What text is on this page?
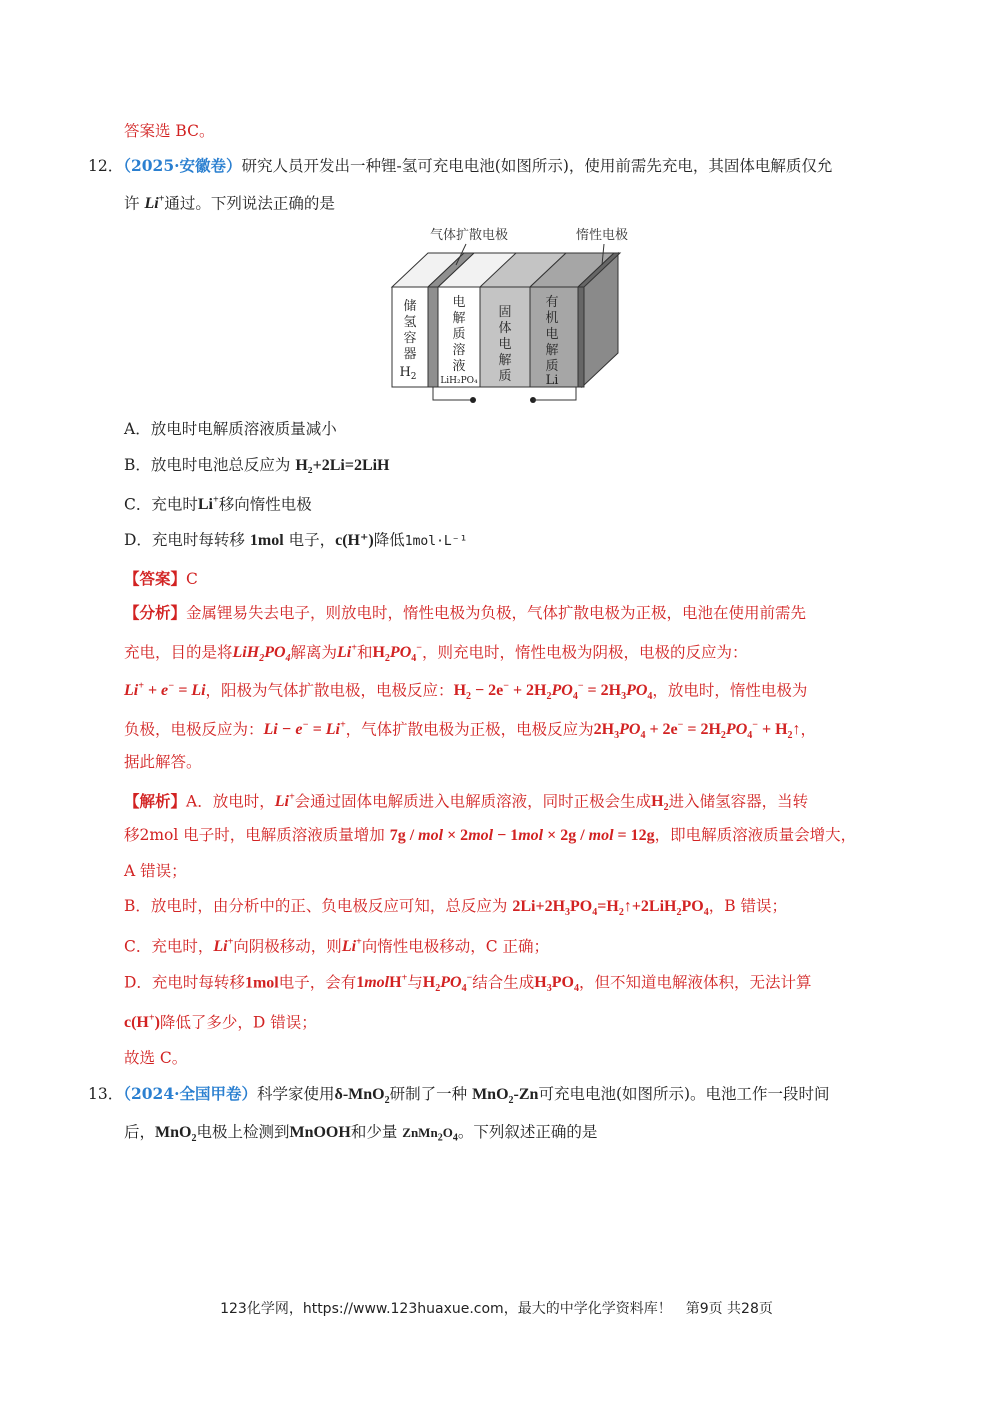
答案选 BC。
12．（2025·安徽卷）研究人员开发出一种锂-氢可充电电池(如图所示)，使用前需先充电，其固体电解质仅允
许 Li+通过。下列说法正确的是
气体扩散电极	惰性电极
储
氢
容
器
$H_2$
电
解
质
溶
液
LiH₂PO₄
固
体
电
解
质
有
机
电
解
质
Li
A．放电时电解质溶液质量减小
B．放电时电池总反应为 H₂+2Li=2LiH
C．充电时Li+移向惰性电极
D．充电时每转移 1mol 电子，c(H⁺)降低1mol·L⁻¹
【答案】C
【分析】金属锂易失去电子，则放电时，惰性电极为负极，气体扩散电极为正极，电池在使用前需先
充电，目的是将$LiH_2PO_4$解离为Li+和$H_2PO_4^-$，则充电时，惰性电极为阴极，电极的反应为：
Li+ + e− = Li，阳极为气体扩散电极，电极反应：$H_2 - 2e^- + 2H_2PO_4^- = 2H_3PO_4$，放电时，惰性电极为
负极，电极反应为：Li − e− = Li+，气体扩散电极为正极，电极反应为$2H_3PO_4 + 2e^- = 2H_2PO_4^-$ + $H_2↑$，
据此解答。
【解析】A．放电时，Li+会通过固体电解质进入电解质溶液，同时正极会生成$H_2$进入储氢容器，当转
移2mol 电子时，电解质溶液质量增加 7g / mol × 2mol − 1mol × 2g / mol = 12g，即电解质溶液质量会增大，
A 错误；
B．放电时，由分析中的正、负电极反应可知，总反应为 $2Li+2H_3PO_4=H_2↑+2LiH_2PO_4$，B 错误；
C．充电时，Li+向阴极移动，则Li+向惰性电极移动，C 正确；
D．充电时每转移1mol电子，会有1molH+与$H_2PO_4^-$结合生成$H_3PO_4$，但不知道电解液体积，无法计算
c(H+)降低了多少，D 错误；
故选 C。
13．（2024·全国甲卷）科学家使用δ-MnO$_2$研制了一种 MnO$_2$-Zn可充电电池(如图所示)。电池工作一段时间
后，MnO$_2$电极上检测到MnOOH和少量 $ZnMn_2O_4$。下列叙述正确的是
123化学网，https://www.123huaxue.com，最大的中学化学资料库！　第9页 共28页
